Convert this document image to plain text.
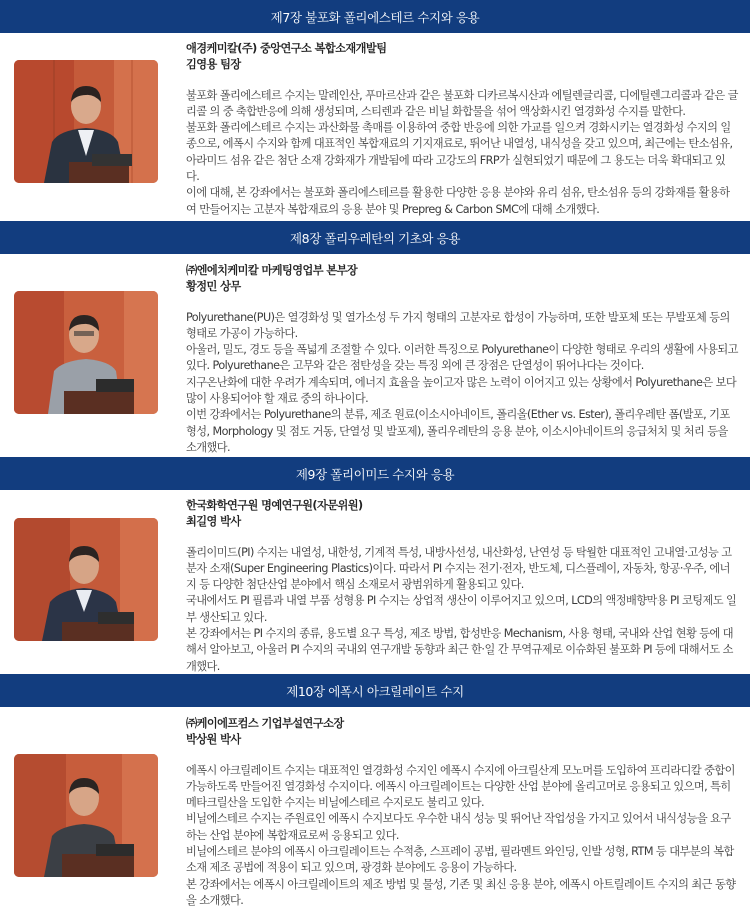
제7장 불포화 폴리에스테르 수지와 응용
애경케미칼(주) 중앙연구소 복합소재개발팀
김영용 팀장
불포화 폴리에스테르 수지는 말레인산, 푸마르산과 같은 불포화 디카르복시산과 에틸렌글리콜, 디에틸렌그리콜과 같은 글리콜 의 중 축합반응에 의해 생성되며, 스티렌과 같은 비닐 화합물을 섞어 액상화시킨 열경화성 수지를 말한다.
불포화 폴리에스테르 수지는 과산화물 촉매를 이용하여 중합 반응에 의한 가교를 일으켜 경화시키는 열경화성 수지의 일종으로, 에폭시 수지와 함께 대표적인 복합재료의 기지재료로, 뛰어난 내열성, 내식성을 갖고 있으며, 최근에는 탄소섬유, 아라미드 섬유 같은 첨단 소재 강화재가 개발됨에 따라 고강도의 FRP가 실현되었기 때문에 그 용도는 더욱 확대되고 있다.
이에 대해, 본 강좌에서는 불포화 폴리에스테르를 활용한 다양한 응용 분야와 유리 섬유, 탄소섬유 등의 강화재를 활용하여 만들어지는 고분자 복합재료의 응용 분야 및 Prepreg & Carbon SMC에 대해 소개했다.
제8장 폴리우레탄의 기초와 응용
㈜엔에치케미칼 마케팅영업부 본부장
황정민 상무
Polyurethane(PU)은 열경화성 및 열가소성 두 가지 형태의 고분자로 합성이 가능하며, 또한 발포체 또는 무발포체 등의 형태로 가공이 가능하다.
아울러, 밀도, 경도 등을 폭넓게 조절할 수 있다. 이러한 특징으로 Polyurethane이 다양한 형태로 우리의 생활에 사용되고 있다. Polyurethane은 고무와 같은 점탄성을 갖는 특징 외에 큰 장점은 단열성이 뛰어나다는 것이다.
지구온난화에 대한 우려가 계속되며, 에너지 효율을 높이고자 많은 노력이 이어지고 있는 상황에서 Polyurethane은 보다 많이 사용되어야 할 재료 중의 하나이다.
이번 강좌에서는 Polyurethane의 분류, 제조 원료(이소시아네이트, 폴리올(Ether vs. Ester), 폴리우레탄 폼(발포, 기포 형성, Morphology 및 점도 거동, 단열성 및 발포제), 폴리우레탄의 응용 분야, 이소시아네이트의 응급처치 및 처리 등을 소개했다.
제9장 폴리이미드 수지와 응용
한국화학연구원 명예연구원(자문위원)
최길영 박사
폴리이미드(PI) 수지는 내열성, 내한성, 기계적 특성, 내방사선성, 내산화성, 난연성 등 탁월한 대표적인 고내열·고성능 고분자 소재(Super Engineering Plastics)이다. 따라서 PI 수지는 전기·전자, 반도체, 디스플레이, 자동차, 항공·우주, 에너지 등 다양한 첨단산업 분야에서 핵심 소재로서 광범위하게 활용되고 있다.
국내에서도 PI 필름과 내열 부품 성형용 PI 수지는 상업적 생산이 이루어지고 있으며, LCD의 액정배향막용 PI 코팅제도 일부 생산되고 있다.
본 강좌에서는 PI 수지의 종류, 용도별 요구 특성, 제조 방법, 합성반응 Mechanism, 사용 형태, 국내와 산업 현황 등에 대해서 알아보고, 아울러 PI 수지의 국내외 연구개발 동향과 최근 한·일 간 무역규제로 이슈화된 불포화 PI 등에 대해서도 소개했다.
제10장 에폭시 아크릴레이트 수지
㈜케이에프컴스 기업부설연구소장
박상원 박사
에폭시 아크릴레이트 수지는 대표적인 열경화성 수지인 에폭시 수지에 아크릴산계 모노머를 도입하여 프리라디칼 중합이 가능하도록 만들어진 열경화성 수지이다. 에폭시 아크릴레이트는 다양한 산업 분야에 올리고머로 응용되고 있으며, 특히 메타크릴산을 도입한 수지는 비닐에스테르 수지로도 불리고 있다.
비닐에스테르 수지는 주원료인 에폭시 수지보다도 우수한 내식 성능 및 뛰어난 작업성을 가지고 있어서 내식성능을 요구하는 산업 분야에 복합재료로써 응용되고 있다.
비닐에스테르 분야의 에폭시 아크릴레이트는 수적층, 스프레이 공법, 필라멘트 와인딩, 인발 성형, RTM 등 대부분의 복합소재 제조 공법에 적용이 되고 있으며, 광경화 분야에도 응용이 가능하다.
본 강좌에서는 에폭시 아크릴레이트의 제조 방법 및 물성, 기존 및 최신 응용 분야, 에폭시 아트릴레이트 수지의 최근 동향을 소개했다.
